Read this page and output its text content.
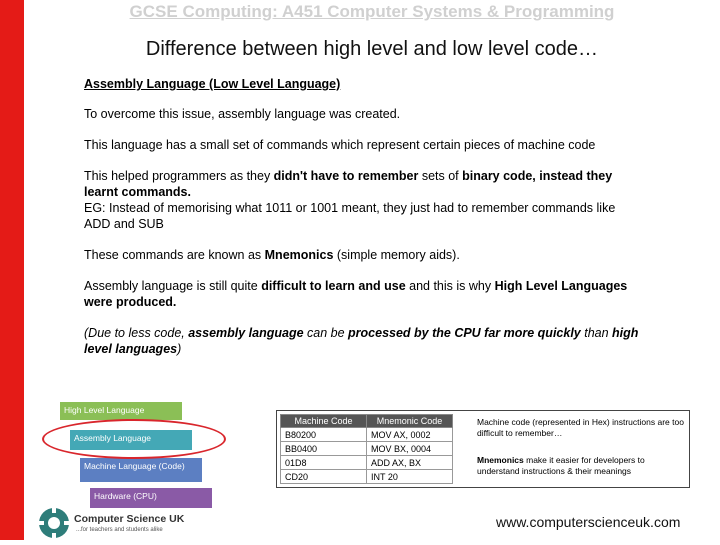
GCSE Computing: A451 Computer Systems & Programming
Difference between high level and low level code…

Assembly Language (Low Level Language)

To overcome this issue, assembly language was created.

This language has a small set of commands which represent certain pieces of machine code

This helped programmers as they didn't have to remember sets of binary code, instead they learnt commands.
EG: Instead of memorising what 1011 or 1001 meant, they just had to remember commands like ADD and SUB

These commands are known as Mnemonics (simple memory aids).

Assembly language is still quite difficult to learn and use and this is why High Level Languages were produced.

(Due to less code, assembly language can be processed by the CPU far more quickly than high level languages)

High Level Language
Assembly Language
Machine Language (Code)
Hardware (CPU)
Machine Code	Mnemonic Code
B80200	MOV AX, 0002
BB0400	MOV BX, 0004
01D8	ADD AX, BX
CD20	INT 20
Machine code (represented in Hex) instructions are too difficult to remember…
Mnemonics make it easier for developers to understand instructions & their meanings
Computer Science UK
...for teachers and students alike	www.computerscienceuk.com
